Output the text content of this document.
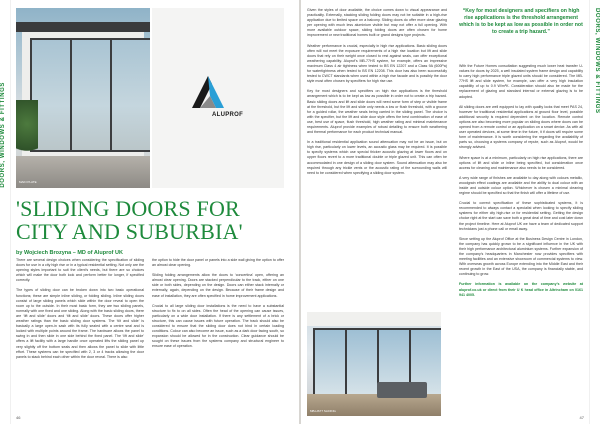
DOORS, WINDOWS & FITTINGS	MAIN PLATE
ALUPROF
'SLIDING DOORS FOR CITY AND SUBURBIA'
by Wojciech Brozyna – MD of Aluprof UK

There are several design choices when considering the specification of sliding doors for use in a city high rise or in a typical residential setting. Not only are the opening styles important to suit the client’s needs, but there are so choices which will make the door both look and perform better for longer, if specified correctly.

The types of sliding door can be broken down into two basic operational functions; these are simple inline sliding, or folding sliding. Inline sliding doors consist of large sliding panels which slide within the door reveal to open the room up to the outside. In their most basic form, they are two sliding panels, normally with one fixed and one sliding. Along with the basic sliding doors, there are ‘lift and slide’ doors and ‘tilt and slide’ doors. These doors offer higher weather ratings than the basic sliding door systems. The ‘tilt and slide’ is basically a large open-in sash with its fully sealed with a centre seal and is locked with multiple points around the frame. The hardware allows the panel to swing in and then slide in one side behind the fixed panel. The ‘lift and slide’ offers a lift facility with a large handle once operated lifts the sliding panel up very slightly off the bottom seals and then allows the panel to slide with little effort. These systems can be specified with 2, 3 or 4 tracks allowing the door panels to stack behind each other within the door reveal. There is also

the option to hide the door panel or panels into a side wall giving the option to offer an almost clear opening.

Sliding folding arrangements allow the doors to ‘concertina’ open, offering an almost clear opening. Doors are stacked perpendicular to the track, either on one side or both sides, depending on the design. Doors can either stack internally or externally, again, depending on the design. Because of their frame design and ease of installation, they are often specified in home improvement applications.

Crucial to all large sliding door installations is the need to have a substantial structure to fix to on all sides. Often the head of the opening can cause issues, particularly on a wide door installation. If there is any settlement of a brick or structure, this can cause issues with future operation. The track should also be considered to ensure that the sliding door does not bind in certain loading conditions. Colour can also become an issue, such as a dark door facing south, so expansion should be allowed for in the construction. Clear guidance should be sought on these issues from the systems company and structural engineer to ensure ease of operation.

46

Given the styles of door available, the choice comes down to visual appearance and practicality. Externally, stacking sliding folding doors may not be suitable in a high-rise application due to limited space on a balcony. Sliding doors do offer more clear glazing per opening with much less aluminium visible but may not offer a full opening. With more available outdoor space, sliding folding doors are often chosen for home improvement or new traditional homes built or grand designs type projects.

Weather performance is crucial, especially in high rise applications. Basic sliding doors often will not meet the exposure requirements of a high rise location but lift and slide doors that rely on their weight once closed to rest against seals, can offer exceptional weathering capability. Aluprof’s MB-77HS system, for example, offers an impressive maximum Class 4 air tightness when tested to BS EN 12207 and a Class 9A (600Pa) for watertightness when tested to BS EN 12208. This door has also been successfully tested to CWCT standards when used within a high rise facade and is possibly the door style most often chosen by specifiers for high rise use.

Key for most designers and specifiers on high rise applications is the threshold arrangement which is to be kept as low as possible in order not to create a trip hazard. Basic sliding doors and lift and slide doors will need some form of step or visible frame at the threshold, but the lift and slide only needs a low or flush threshold, with a groove for a guided rollar, the weather seals being carried in the sliding panel. The choice is with the specifier, but the lift and slide door style offers the best combination of ease of use, best use of space, flush threshold, high weather rating and minimal maintenance requirements. Aluprof provide examples of robust detailing to ensure both weathering and thermal performance for each product technical manual.

In a traditional residential application sound attenuation may not be an issue, but on high rise, particularly on lower levels, an acoustic glass may be required. It is possible to specify systems which use special thicker acoustic glazing at lower floors and on upper floors revert to a more traditional double or triple glazed unit. This can often be accommodated in one design of a sliding door system. Sound attenuation may also be required through any trickle vents or the acoustic rating of the surrounding walls will need to be considered when specifying a sliding door system.

MB-HS77 SLIDING
“Key for most designers and specifiers on high rise applications is the threshold arrangement which is to be kept as low as possible in order not to create a trip hazard.”

With the Future Homes consultation suggesting much lower heat transfer U-values for doors by 2025, a well insulated system frame design and capability to carry high performance triple glazed units should be considered. The MB-77HS lift and slide system, for example, can offer a very high insulation capability of up to 0.9 W/m²K. Consideration should also be made for the replacement of glazing and standard internal or external glazing is to be adopted.

All sliding doors are well equipped to lay with quality locks that meet PAS 24, however for traditional residential applications at ground floor level, possible additional security is required dependent on the location. Remote control options are also becoming more popular on sliding doors where doors can be opened from a remote control or an application on a smart device. As with all user operated devices, at some time in the future, it if doors will require some form of maintenance. It is worth considering the regarding the availability of parts so, choosing a systems company of repute, such as Aluprof, would be strongly advised.

Where space is at a minimum, particularly on high rise applications, there are options of lift and slide or inline being specified, but consideration once access for cleaning and maintenance also needs to be considered.

A very wide range of finishes are available to day along with colours metallic, woodgrain effect coatings are available and the ability to dual colour with an inside and outside colour option. Whichever is chosen a minimal cleaning regime should be specified so that the finish will offer a lifetime of use.

Crucial to correct specification of these sophisticated systems, it is recommended to always contact a specialist when looking to specify sliding systems for either city high-rise or for residential setting. Getting the design choice right at the start can save both a great deal of time and cost later down the project timeline. Here at Aluprof UK we have a team of dedicated support technicians just a phone call or email away.

Since setting up the Aluprof Office at the Business Design Centre in London, the company has quickly grown to be a significant influence in the UK with their high performance architectural aluminium systems. Further expansion of the company’s headquarters in Manchester now provides specifiers with meeting facilities and an extensive showroom of commercial systems to view. With overseas growth across Europe extending into the Middle East and their recent growth in the East of the USA, the company is financially stable, and continuing to grow.

Further information is available on the company’s website at aluprof.co.uk or direct from their U K head office in Altrincham on 0161 941 4005.

DOORS, WINDOWS & FITTINGS
47
